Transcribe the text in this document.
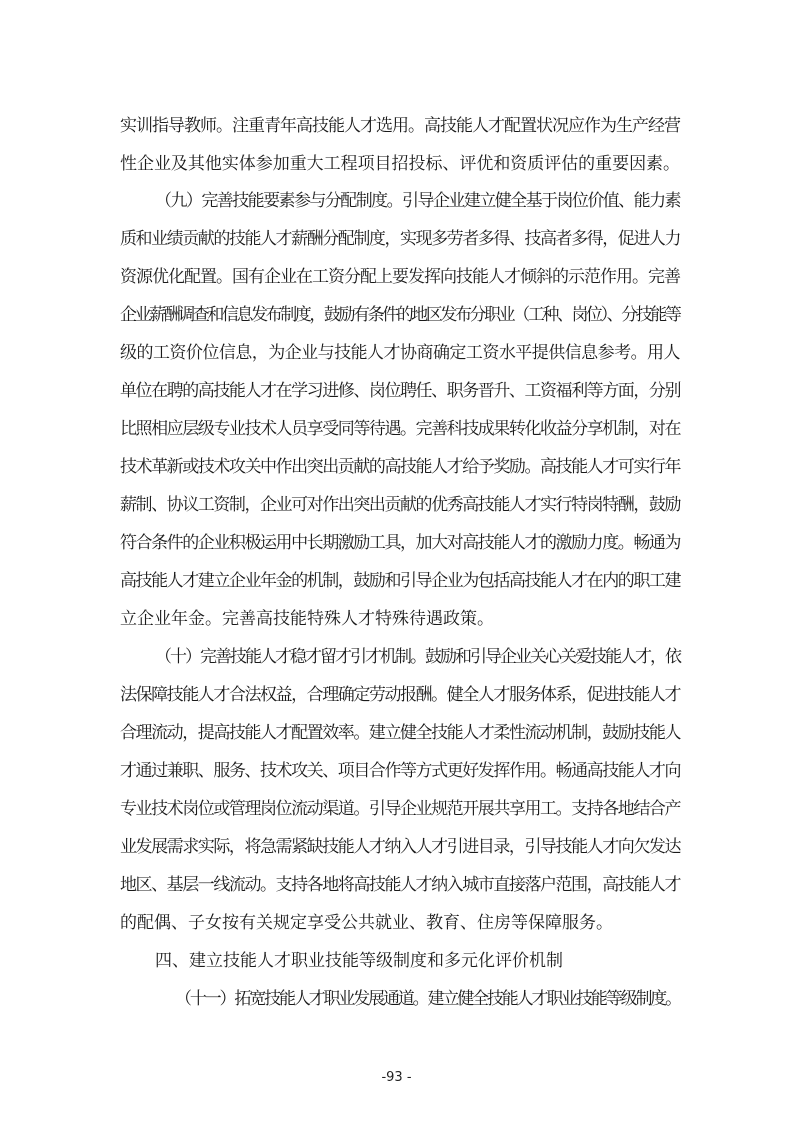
实训指导教师。注重青年高技能人才选用。高技能人才配置状况应作为生产经营
性企业及其他实体参加重大工程项目招投标、评优和资质评估的重要因素。
（九）完善技能要素参与分配制度。引导企业建立健全基于岗位价值、能力素
质和业绩贡献的技能人才薪酬分配制度，实现多劳者多得、技高者多得，促进人力
资源优化配置。国有企业在工资分配上要发挥向技能人才倾斜的示范作用。完善
企业薪酬调查和信息发布制度，鼓励有条件的地区发布分职业（工种、岗位）、分技能等
级的工资价位信息，为企业与技能人才协商确定工资水平提供信息参考。用人
单位在聘的高技能人才在学习进修、岗位聘任、职务晋升、工资福利等方面，分别
比照相应层级专业技术人员享受同等待遇。完善科技成果转化收益分享机制，对在
技术革新或技术攻关中作出突出贡献的高技能人才给予奖励。高技能人才可实行年
薪制、协议工资制，企业可对作出突出贡献的优秀高技能人才实行特岗特酬，鼓励
符合条件的企业积极运用中长期激励工具，加大对高技能人才的激励力度。畅通为
高技能人才建立企业年金的机制，鼓励和引导企业为包括高技能人才在内的职工建
立企业年金。完善高技能特殊人才特殊待遇政策。
（十）完善技能人才稳才留才引才机制。鼓励和引导企业关心关爱技能人才，依
法保障技能人才合法权益，合理确定劳动报酬。健全人才服务体系，促进技能人才
合理流动，提高技能人才配置效率。建立健全技能人才柔性流动机制，鼓励技能人
才通过兼职、服务、技术攻关、项目合作等方式更好发挥作用。畅通高技能人才向
专业技术岗位或管理岗位流动渠道。引导企业规范开展共享用工。支持各地结合产
业发展需求实际，将急需紧缺技能人才纳入人才引进目录，引导技能人才向欠发达
地区、基层一线流动。支持各地将高技能人才纳入城市直接落户范围，高技能人才
的配偶、子女按有关规定享受公共就业、教育、住房等保障服务。
四、建立技能人才职业技能等级制度和多元化评价机制
（十一）拓宽技能人才职业发展通道。建立健全技能人才职业技能等级制度。
-93 -
